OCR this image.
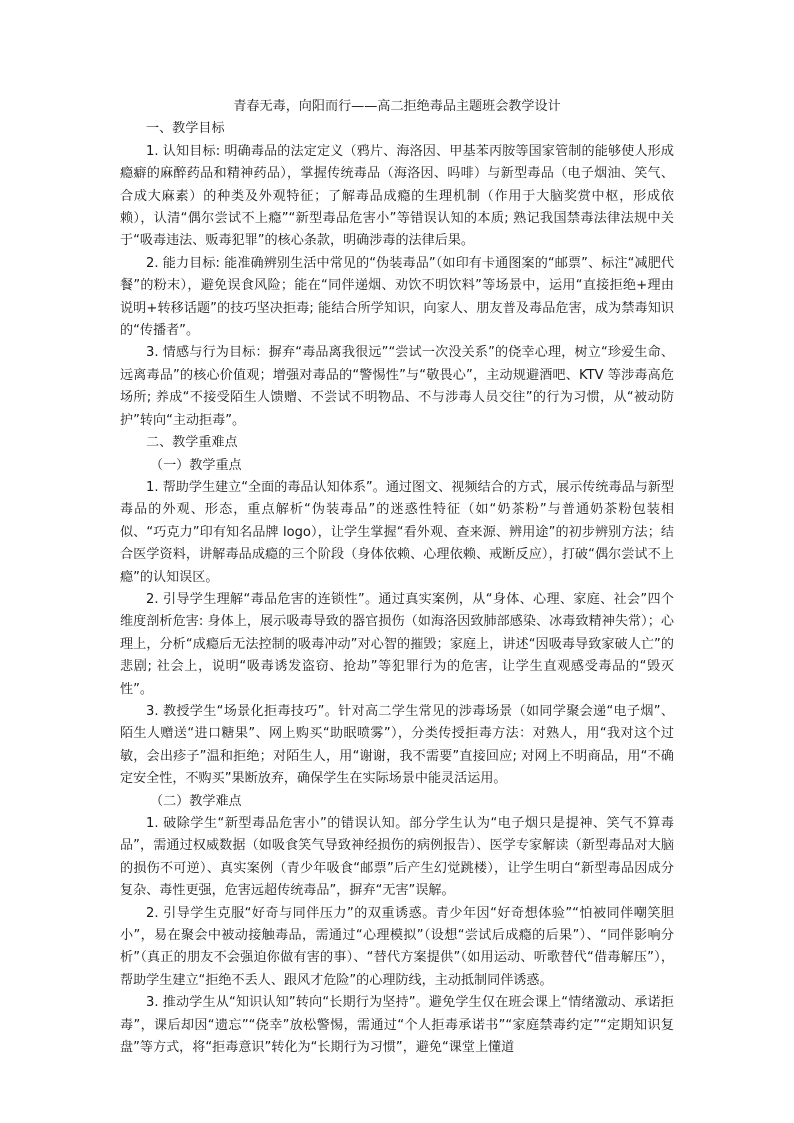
青春无毒，向阳而行——高二拒绝毒品主题班会教学设计

一、教学目标

1. 认知目标: 明确毒品的法定定义（鸦片、海洛因、甲基苯丙胺等国家管制的能够使人形成瘾癖的麻醉药品和精神药品），掌握传统毒品（海洛因、吗啡）与新型毒品（电子烟油、笑气、合成大麻素）的种类及外观特征；了解毒品成瘾的生理机制（作用于大脑奖赏中枢，形成依赖），认清“偶尔尝试不上瘾”“新型毒品危害小”等错误认知的本质; 熟记我国禁毒法律法规中关于“吸毒违法、贩毒犯罪”的核心条款，明确涉毒的法律后果。

2. 能力目标: 能准确辨别生活中常见的“伪装毒品”（如印有卡通图案的“邮票”、标注“减肥代餐”的粉末），避免误食风险；能在“同伴递烟、劝饮不明饮料”等场景中，运用“直接拒绝+理由说明+转移话题”的技巧坚决拒毒; 能结合所学知识，向家人、朋友普及毒品危害，成为禁毒知识的“传播者”。

3. 情感与行为目标：摒弃“毒品离我很远”“尝试一次没关系”的侥幸心理，树立“珍爱生命、远离毒品”的核心价值观；增强对毒品的“警惕性”与“敬畏心”，主动规避酒吧、KTV 等涉毒高危场所; 养成“不接受陌生人馈赠、不尝试不明物品、不与涉毒人员交往”的行为习惯，从“被动防护”转向“主动拒毒”。

二、教学重难点

（一）教学重点

1. 帮助学生建立“全面的毒品认知体系”。通过图文、视频结合的方式，展示传统毒品与新型毒品的外观、形态，重点解析“伪装毒品”的迷惑性特征（如“奶茶粉”与普通奶茶粉包装相似、“巧克力”印有知名品牌 logo），让学生掌握“看外观、查来源、辨用途”的初步辨别方法；结合医学资料，讲解毒品成瘾的三个阶段（身体依赖、心理依赖、戒断反应），打破“偶尔尝试不上瘾”的认知误区。

2. 引导学生理解“毒品危害的连锁性”。通过真实案例，从“身体、心理、家庭、社会”四个维度剖析危害: 身体上，展示吸毒导致的器官损伤（如海洛因致肺部感染、冰毒致精神失常）；心理上，分析“成瘾后无法控制的吸毒冲动”对心智的摧毁；家庭上，讲述“因吸毒导致家破人亡”的悲剧; 社会上，说明“吸毒诱发盗窃、抢劫”等犯罪行为的危害，让学生直观感受毒品的“毁灭性”。

3. 教授学生“场景化拒毒技巧”。针对高二学生常见的涉毒场景（如同学聚会递“电子烟”、陌生人赠送“进口糖果”、网上购买“助眠喷雾”），分类传授拒毒方法：对熟人，用“我对这个过敏，会出疹子”温和拒绝；对陌生人，用“谢谢，我不需要”直接回应; 对网上不明商品，用“不确定安全性，不购买”果断放弃，确保学生在实际场景中能灵活运用。

（二）教学难点

1. 破除学生“新型毒品危害小”的错误认知。部分学生认为“电子烟只是提神、笑气不算毒品”，需通过权威数据（如吸食笑气导致神经损伤的病例报告）、医学专家解读（新型毒品对大脑的损伤不可逆）、真实案例（青少年吸食“邮票”后产生幻觉跳楼），让学生明白“新型毒品因成分复杂、毒性更强，危害远超传统毒品”，摒弃“无害”误解。

2. 引导学生克服“好奇与同伴压力”的双重诱惑。青少年因“好奇想体验”“怕被同伴嘲笑胆小”，易在聚会中被动接触毒品，需通过“心理模拟”（设想“尝试后成瘾的后果”）、“同伴影响分析”（真正的朋友不会强迫你做有害的事）、“替代方案提供”（如用运动、听歌替代“借毒解压”），帮助学生建立“拒绝不丢人、跟风才危险”的心理防线，主动抵制同伴诱惑。

3. 推动学生从“知识认知”转向“长期行为坚持”。避免学生仅在班会课上“情绪激动、承诺拒毒”，课后却因“遗忘”“侥幸”放松警惕，需通过“个人拒毒承诺书”“家庭禁毒约定”“定期知识复盘”等方式，将“拒毒意识”转化为“长期行为习惯”，避免“课堂上懂道
